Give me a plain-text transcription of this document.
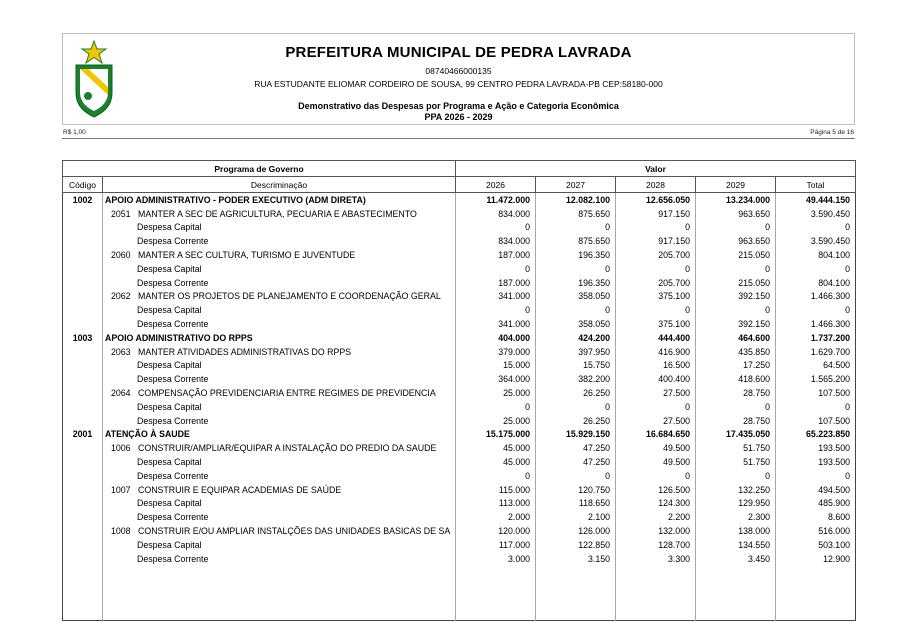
PREFEITURA MUNICIPAL DE PEDRA LAVRADA
08740466000135
RUA ESTUDANTE ELIOMAR CORDEIRO DE SOUSA, 99 CENTRO PEDRA LAVRADA-PB CEP:58180-000
Demonstrativo das Despesas por Programa e Ação e Categoria Econômica
PPA 2026 - 2029
R$ 1,00	Página 5 de 16
Programa de Governo		Valor				
Código	Descriminação	2026	2027	2028	2029	Total
1002	APOIO ADMINISTRATIVO - PODER EXECUTIVO (ADM DIRETA)	11.472.000	12.082.100	12.656.050	13.234.000	49.444.150
	2051 MANTER A SEC DE AGRICULTURA, PECUARIA E ABASTECIMENTO	834.000	875.650	917.150	963.650	3.590.450
	Despesa Capital	0	0	0	0	0
	Despesa Corrente	834.000	875.650	917.150	963.650	3.590.450
	2060 MANTER A SEC CULTURA, TURISMO E JUVENTUDE	187.000	196.350	205.700	215.050	804.100
	Despesa Capital	0	0	0	0	0
	Despesa Corrente	187.000	196.350	205.700	215.050	804.100
	2062 MANTER OS PROJETOS DE PLANEJAMENTO E COORDENAÇÃO GERAL	341.000	358.050	375.100	392.150	1.466.300
	Despesa Capital	0	0	0	0	0
	Despesa Corrente	341.000	358.050	375.100	392.150	1.466.300
1003	APOIO ADMINISTRATIVO DO RPPS	404.000	424.200	444.400	464.600	1.737.200
	2063 MANTER ATIVIDADES ADMINISTRATIVAS DO RPPS	379.000	397.950	416.900	435.850	1.629.700
	Despesa Capital	15.000	15.750	16.500	17.250	64.500
	Despesa Corrente	364.000	382.200	400.400	418.600	1.565.200
	2064 COMPENSAÇÃO PREVIDENCIARIA ENTRE REGIMES DE PREVIDENCIA	25.000	26.250	27.500	28.750	107.500
	Despesa Capital	0	0	0	0	0
	Despesa Corrente	25.000	26.250	27.500	28.750	107.500
2001	ATENÇÃO À SAUDE	15.175.000	15.929.150	16.684.650	17.435.050	65.223.850
	1006 CONSTRUIR/AMPLIAR/EQUIPAR A INSTALAÇÃO DO PREDIO DA SAUDE	45.000	47.250	49.500	51.750	193.500
	Despesa Capital	45.000	47.250	49.500	51.750	193.500
	Despesa Corrente	0	0	0	0	0
	1007 CONSTRUIR E EQUIPAR ACADEMIAS DE SAÚDE	115.000	120.750	126.500	132.250	494.500
	Despesa Capital	113.000	118.650	124.300	129.950	485.900
	Despesa Corrente	2.000	2.100	2.200	2.300	8.600
	1008 CONSTRUIR E/OU AMPLIAR INSTALÇÕES DAS UNIDADES BASICAS DE SA	120.000	126.000	132.000	138.000	516.000
	Despesa Capital	117.000	122.850	128.700	134.550	503.100
	Despesa Corrente	3.000	3.150	3.300	3.450	12.900
